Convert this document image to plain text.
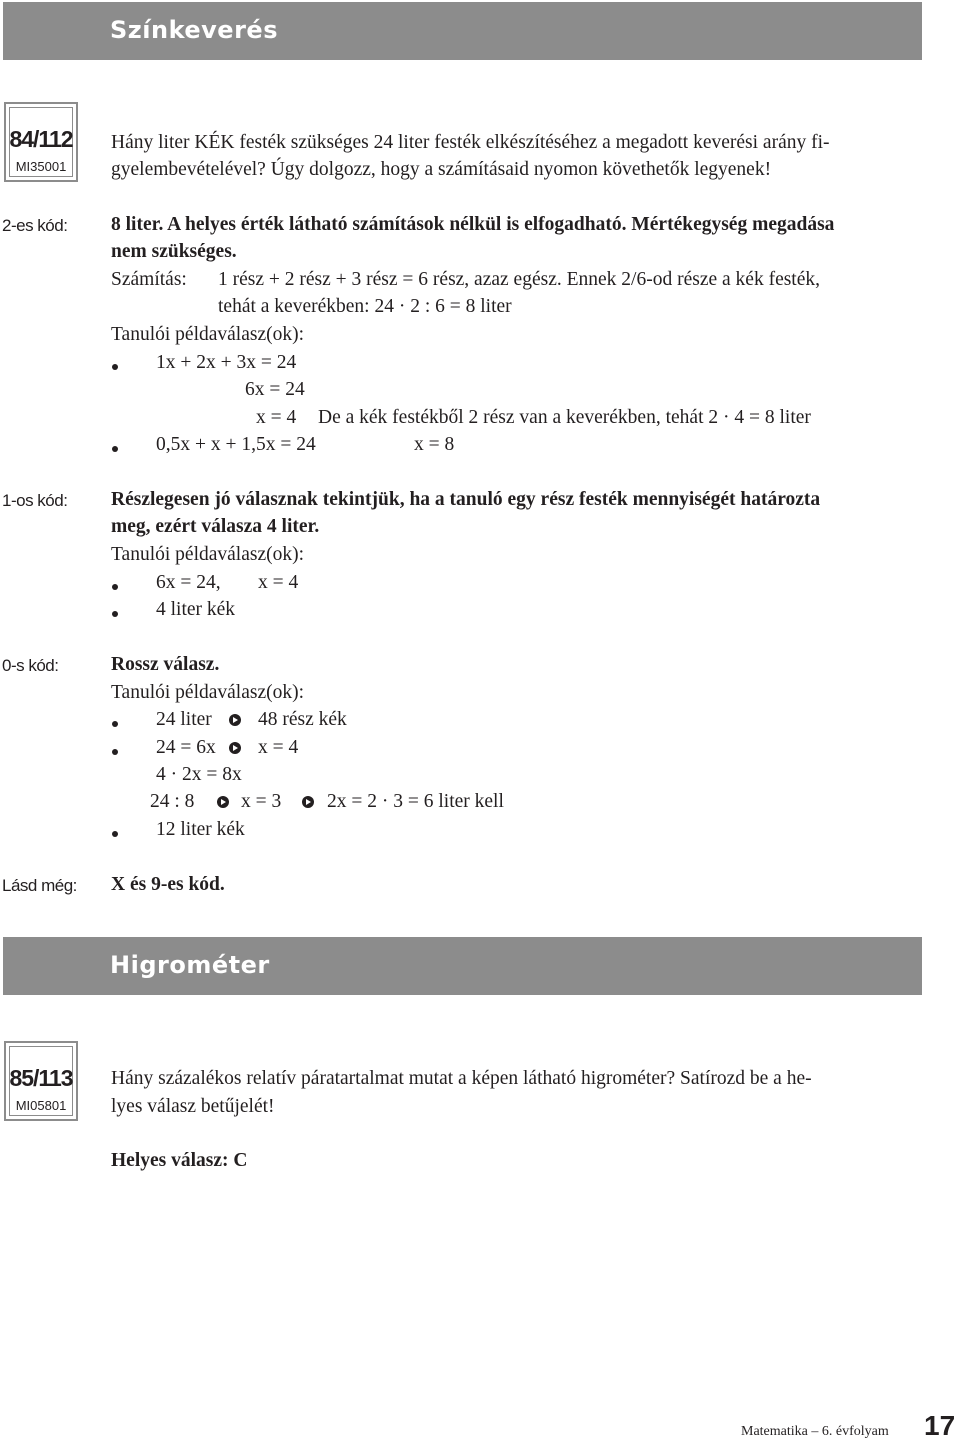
Színkeverés
84/112
MI35001
Hány liter KÉK festék szükséges 24 liter festék elkészítéséhez a megadott keverési arány fi-
gyelembevételével? Úgy dolgozz, hogy a számításaid nyomon követhetők legyenek!
2-es kód: 8 liter. A helyes érték látható számítások nélkül is elfogadható. Mértékegység megadása
nem szükséges.
Számítás: 1 rész + 2 rész + 3 rész = 6 rész, azaz egész. Ennek 2/6-od része a kék festék,
tehát a keverékben: 24 · 2 : 6 = 8 liter
Tanulói példaválasz(ok):
1x + 2x + 3x = 24
6x = 24
x = 4 De a kék festékből 2 rész van a keverékben, tehát 2 · 4 = 8 liter
0,5x + x + 1,5x = 24	x = 8
1-os kód: Részlegesen jó válasznak tekintjük, ha a tanuló egy rész festék mennyiségét határozta
meg, ezért válasza 4 liter.
Tanulói példaválasz(ok):
6x = 24, x = 4
4 liter kék
0-s kód:	Rossz válasz.
Tanulói példaválasz(ok):
24 liter 48 rész kék
24 = 6x x = 4
4 · 2x = 8x
24 : 8 x = 3 2x = 2 · 3 = 6 liter kell
12 liter kék
Lásd még: X és 9-es kód.
Higrométer
85/113
MI05801
Hány százalékos relatív páratartalmat mutat a képen látható higrométer? Satírozd be a he-
lyes válasz betűjelét!
Helyes válasz: C
Matematika – 6. évfolyam 17
